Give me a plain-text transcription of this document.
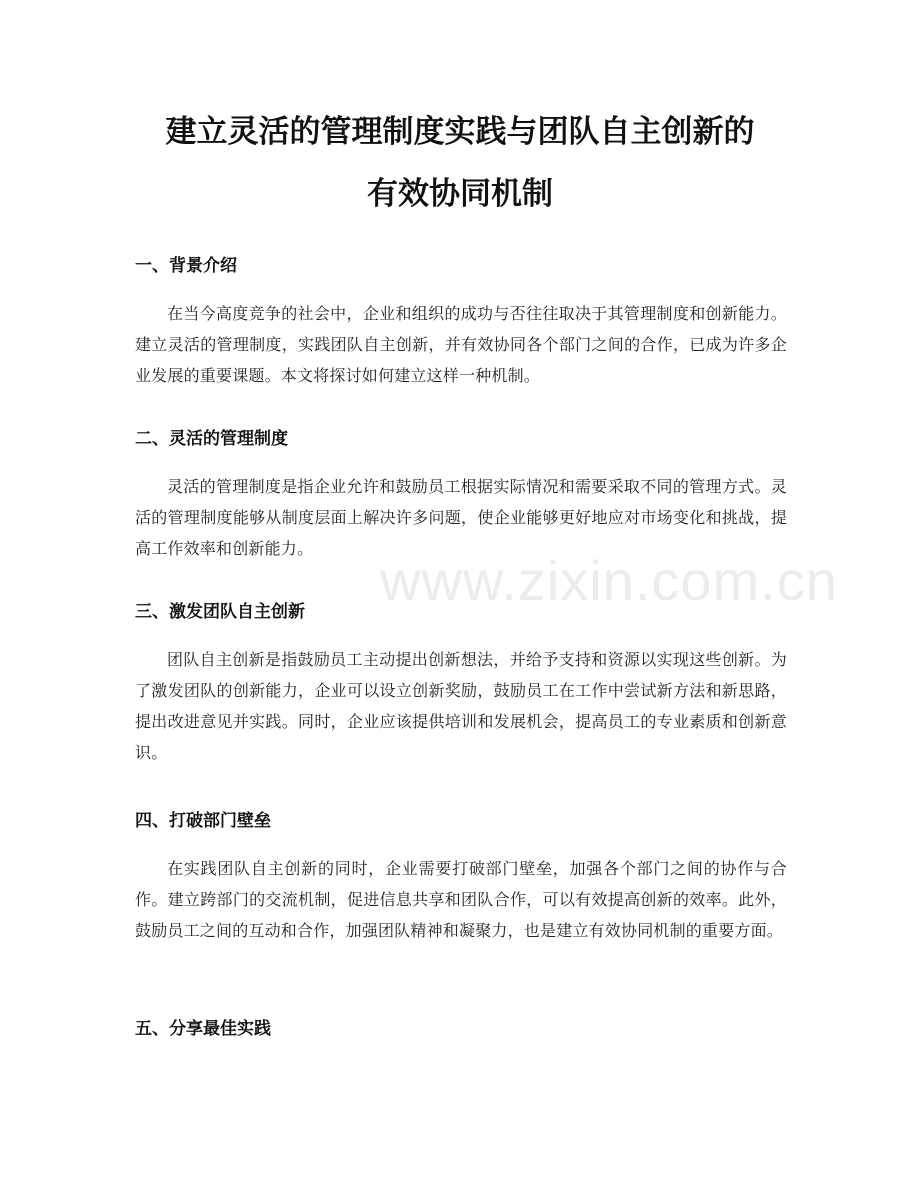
建立灵活的管理制度实践与团队自主创新的
有效协同机制
一、背景介绍

在当今高度竞争的社会中，企业和组织的成功与否往往取决于其管理制度和创新能力。建立灵活的管理制度，实践团队自主创新，并有效协同各个部门之间的合作，已成为许多企业发展的重要课题。本文将探讨如何建立这样一种机制。

二、灵活的管理制度

灵活的管理制度是指企业允许和鼓励员工根据实际情况和需要采取不同的管理方式。灵活的管理制度能够从制度层面上解决许多问题，使企业能够更好地应对市场变化和挑战，提高工作效率和创新能力。

三、激发团队自主创新

团队自主创新是指鼓励员工主动提出创新想法，并给予支持和资源以实现这些创新。为了激发团队的创新能力，企业可以设立创新奖励，鼓励员工在工作中尝试新方法和新思路，提出改进意见并实践。同时，企业应该提供培训和发展机会，提高员工的专业素质和创新意识。

四、打破部门壁垒

在实践团队自主创新的同时，企业需要打破部门壁垒，加强各个部门之间的协作与合作。建立跨部门的交流机制，促进信息共享和团队合作，可以有效提高创新的效率。此外，鼓励员工之间的互动和合作，加强团队精神和凝聚力，也是建立有效协同机制的重要方面。

五、分享最佳实践
www.zixin.com.cn
